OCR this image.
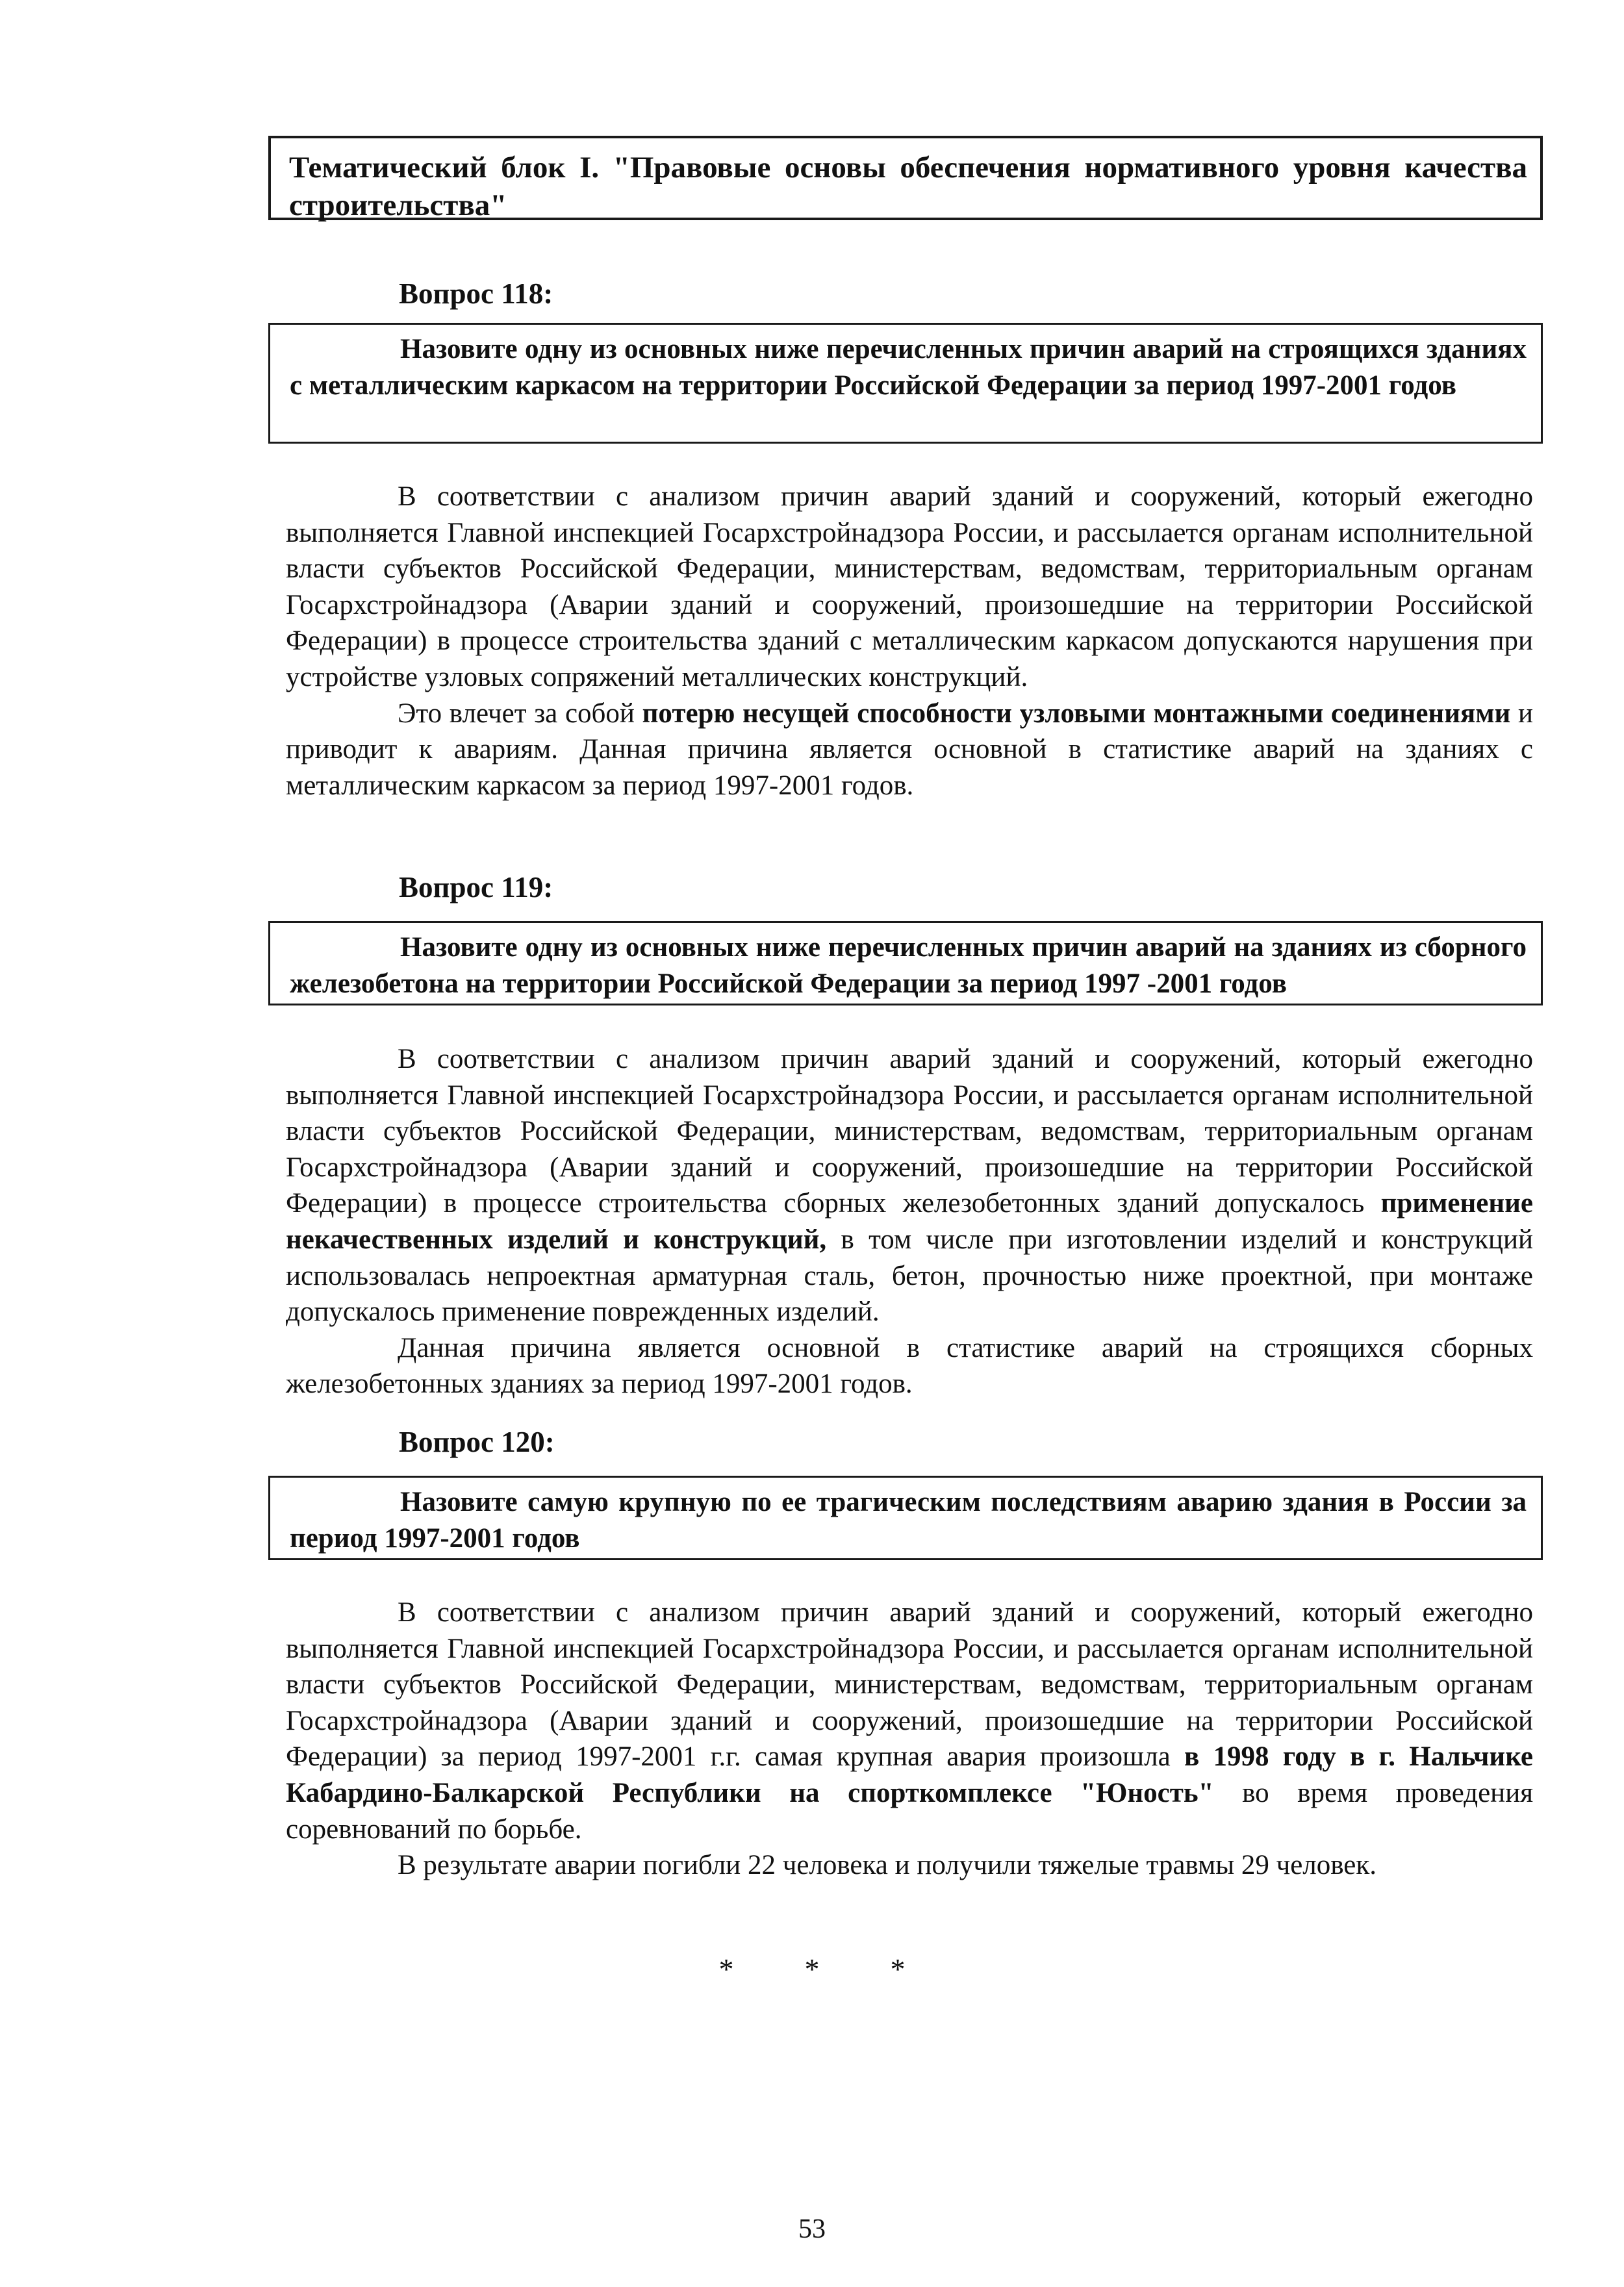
Тематический блок I. "Правовые основы обеспечения нормативного уровня качества строительства"
Вопрос 118:
Назовите одну из основных ниже перечисленных причин аварий на строящихся зданиях с металлическим каркасом на территории Российской Федерации за период 1997-2001 годов

В соответствии с анализом причин аварий зданий и сооружений, который ежегодно выполняется Главной инспекцией Госархстройнадзора России, и рассылается органам исполнительной власти субъектов Российской Федерации, министерствам, ведомствам, территориальным органам Госархстройнадзора (Аварии зданий и сооружений, произошедшие на территории Российской Федерации) в процессе строительства зданий с металлическим каркасом допускаются нарушения при устройстве узловых сопряжений металлических конструкций.

Это влечет за собой потерю несущей способности узловыми монтажными соединениями и приводит к авариям. Данная причина является основной в статистике аварий на зданиях с металлическим каркасом за период 1997-2001 годов.

Вопрос 119:
Назовите одну из основных ниже перечисленных причин аварий на зданиях из сборного железобетона на территории Российской Федерации за период 1997 -2001 годов

В соответствии с анализом причин аварий зданий и сооружений, который ежегодно выполняется Главной инспекцией Госархстройнадзора России, и рассылается органам исполнительной власти субъектов Российской Федерации, министерствам, ведомствам, территориальным органам Госархстройнадзора (Аварии зданий и сооружений, произошедшие на территории Российской Федерации) в процессе строительства сборных железобетонных зданий допускалось применение некачественных изделий и конструкций, в том числе при изготовлении изделий и конструкций использовалась непроектная арматурная сталь, бетон, прочностью ниже проектной, при монтаже допускалось применение поврежденных изделий.

Данная причина является основной в статистике аварий на строящихся сборных железобетонных зданиях за период 1997-2001 годов.

Вопрос 120:
Назовите самую крупную по ее трагическим последствиям аварию здания в России за период 1997-2001 годов

В соответствии с анализом причин аварий зданий и сооружений, который ежегодно выполняется Главной инспекцией Госархстройнадзора России, и рассылается органам исполнительной власти субъектов Российской Федерации, министерствам, ведомствам, территориальным органам Госархстройнадзора (Аварии зданий и сооружений, произошедшие на территории Российской Федерации) за период 1997-2001 г.г. самая крупная авария произошла в 1998 году в г. Нальчике Кабардино-Балкарской Республики на спорткомплексе "Юность" во время проведения соревнований по борьбе.

В результате аварии погибли 22 человека и получили тяжелые травмы 29 человек.

* * *
53
